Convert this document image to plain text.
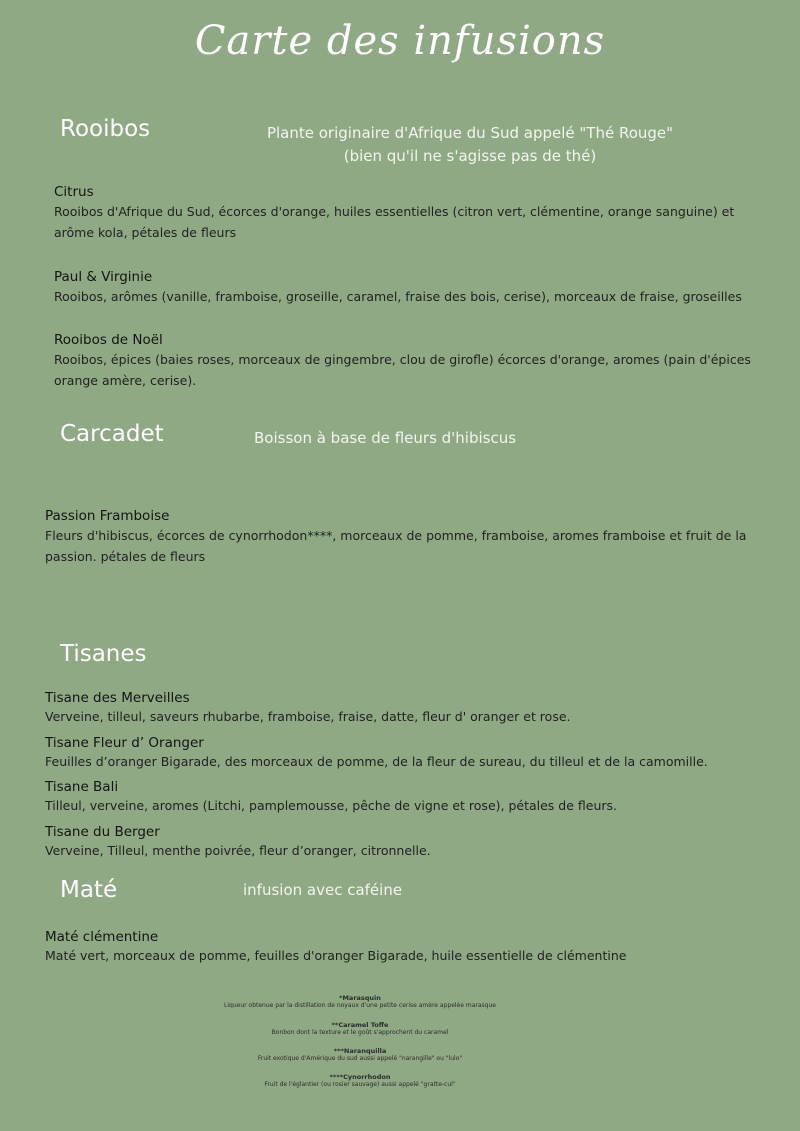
Carte des infusions
Rooibos	Plante originaire d'Afrique du Sud appelé "Thé Rouge"
(bien qu'il ne s'agisse pas de thé)
Citrus
Rooibos d'Afrique du Sud, écorces d'orange, huiles essentielles (citron vert, clémentine, orange sanguine) et
arôme kola, pétales de fleurs
Paul & Virginie
Rooibos, arômes (vanille, framboise, groseille, caramel, fraise des bois, cerise), morceaux de fraise, groseilles
Rooibos de Noël
Rooibos, épices (baies roses, morceaux de gingembre, clou de girofle) écorces d'orange, aromes (pain d'épices
orange amère, cerise).
Carcadet	Boisson à base de fleurs d'hibiscus
Passion Framboise
Fleurs d'hibiscus, écorces de cynorrhodon****, morceaux de pomme, framboise, aromes framboise et fruit de la
passion. pétales de fleurs
Tisanes
Tisane des Merveilles
Verveine, tilleul, saveurs rhubarbe, framboise, fraise, datte, fleur d' oranger et rose.
Tisane Fleur d’ Oranger
Feuilles d’oranger Bigarade, des morceaux de pomme, de la fleur de sureau, du tilleul et de la camomille.
Tisane Bali
Tilleul, verveine, aromes (Litchi, pamplemousse, pêche de vigne et rose), pétales de fleurs.
Tisane du Berger
Verveine, Tilleul, menthe poivrée, fleur d’oranger, citronnelle.
Maté	infusion avec caféine
Maté clémentine
Maté vert, morceaux de pomme, feuilles d'oranger Bigarade, huile essentielle de clémentine
*Marasquin
Liqueur obtenue par la distillation de noyaux d'une petite cerise amère appelée marasque
**Caramel Toffe
Bonbon dont la texture et le goût s'approchent du caramel
***Naranquilla
Fruit exotique d'Amérique du sud aussi appelé "narangille" ou "lulo"
****Cynorrhodon
Fruit de l'églantier (ou rosier sauvage) aussi appelé "gratte-cul"
